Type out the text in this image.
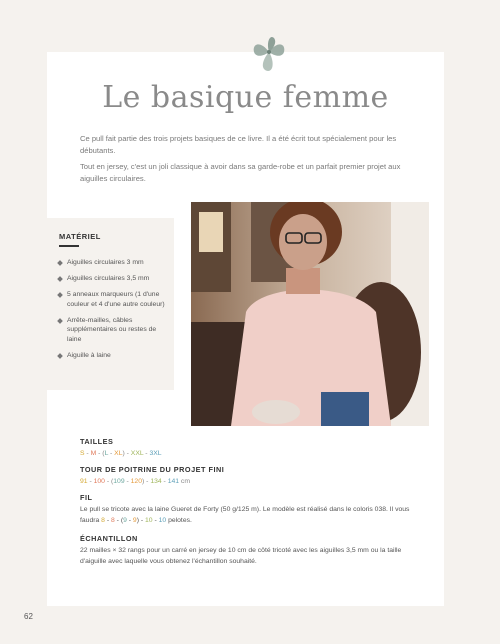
Le basique femme

Ce pull fait partie des trois projets basiques de ce livre. Il a été écrit tout spécialement pour les débutants.

Tout en jersey, c'est un joli classique à avoir dans sa garde-robe et un parfait premier projet aux aiguilles circulaires.

MATÉRIEL
Aiguilles circulaires 3 mm
Aiguilles circulaires 3,5 mm
5 anneaux marqueurs (1 d'une couleur et 4 d'une autre couleur)
Arrête-mailles, câbles supplémentaires ou restes de laine
Aiguille à laine
TAILLES
S - M - (L - XL) - XXL - 3XL
TOUR DE POITRINE DU PROJET FINI
91 - 100 - (109 - 120) - 134 - 141 cm
FIL

Le pull se tricote avec la laine Gueret de Forty (50 g/125 m). Le modèle est réalisé dans le coloris 038. Il vous faudra 8 - 8 - (9 - 9) - 10 - 10 pelotes.

ÉCHANTILLON

22 mailles × 32 rangs pour un carré en jersey de 10 cm de côté tricoté avec les aiguilles 3,5 mm ou la taille d'aiguille avec laquelle vous obtenez l'échantillon souhaité.

62
